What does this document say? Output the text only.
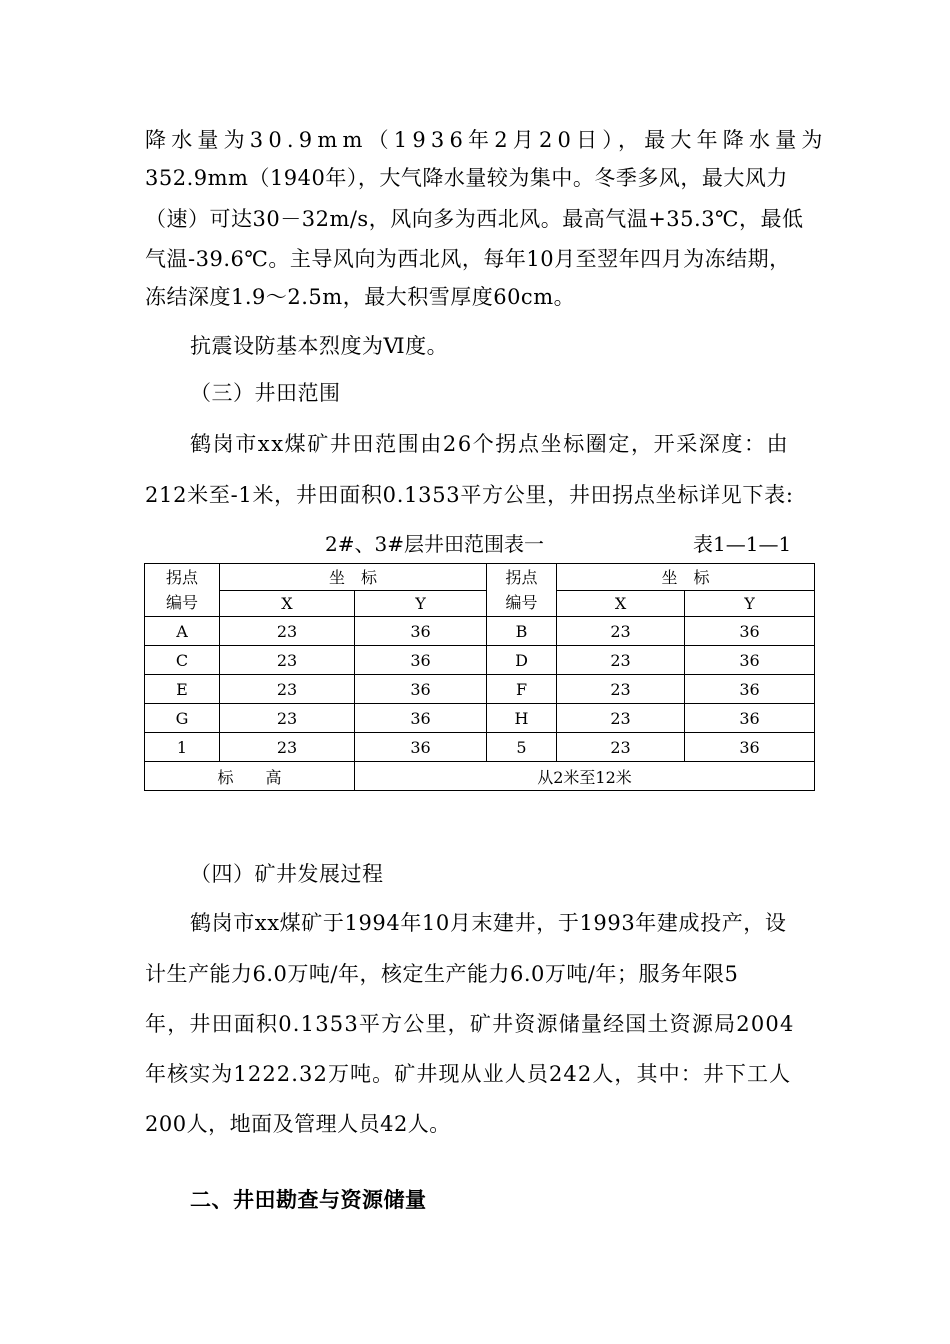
降水量为30.9mm（1936年2月20日），最大年降水量为
352.9mm（1940年），大气降水量较为集中。冬季多风，最大风力
（速）可达30－32m/s，风向多为西北风。最高气温+35.3℃，最低
气温-39.6℃。主导风向为西北风，每年10月至翌年四月为冻结期，
冻结深度1.9～2.5m，最大积雪厚度60cm。
抗震设防基本烈度为Ⅵ度。
（三）井田范围
鹤岗市xx煤矿井田范围由26个拐点坐标圈定，开采深度：由
212米至-1米，井田面积0.1353平方公里，井田拐点坐标详见下表:
2#、3#层井田范围表一	表1—1—1
拐点编号	坐　标		拐点编号	坐　标	
	X	Y		X	Y
A	23	36	B	23	36
C	23	36	D	23	36
E	23	36	F	23	36
G	23	36	H	23	36
1	23	36	5	23	36
标　　高		从2米至12米			
（四）矿井发展过程
鹤岗市xx煤矿于1994年10月末建井，于1993年建成投产，设
计生产能力6.0万吨/年，核定生产能力6.0万吨/年；服务年限5
年，井田面积0.1353平方公里，矿井资源储量经国土资源局2004
年核实为1222.32万吨。矿井现从业人员242人，其中：井下工人
200人，地面及管理人员42人。
二、井田勘查与资源储量
